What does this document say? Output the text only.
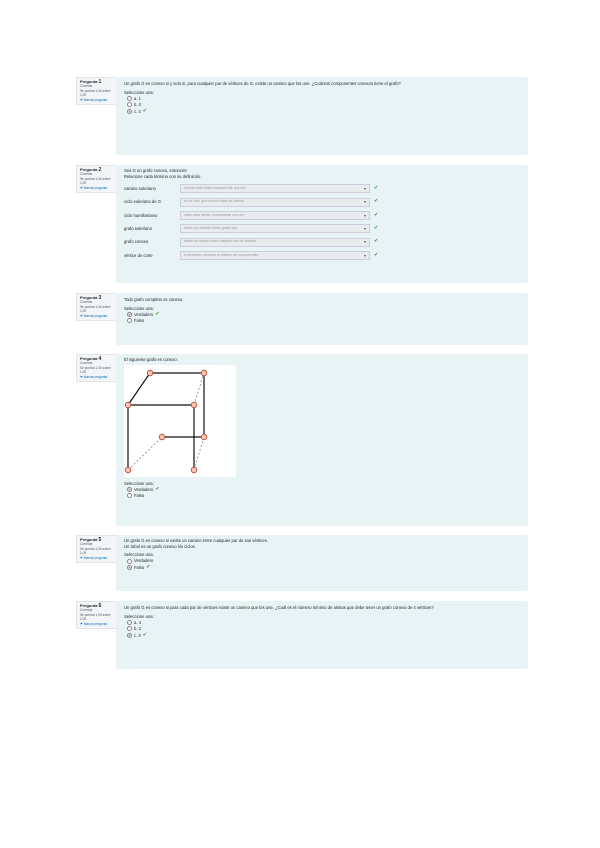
Pregunta 1
Correcta
Se puntúa 1,00 sobre 1,00
⚑ Marcar pregunta
Un grafo G es conexo si y solo si, para cualquier par de vértices de G, existe un camino que los une. ¿Cuántos componentes conexos tiene el grafo?
Seleccione una:
a. 1
b. 2
c. 3 ✔
Pregunta 2
Correcta
Se puntúa 1,00 sobre 1,00
⚑ Marcar pregunta
Sea G un grafo conexo, entonces:
Relacione cada término con su definición.
camino euleriano	recorre cada arista exactamente una vez	▾ ✔
ciclo euleriano de G	es un ciclo que recorre todas las aristas	▾ ✔
ciclo hamiltoniano	visita cada vértice exactamente una vez	▾ ✔
grafo euleriano	todos sus vértices tienen grado par	▾ ✔
grafo conexo	existe un camino entre cualquier par de vértices	▾ ✔
vértice de corte	al eliminarlo aumenta el número de componentes	▾ ✔
Pregunta 3
Correcta
Se puntúa 1,00 sobre 1,00
⚑ Marcar pregunta
Todo grafo completo es conexo.
Seleccione una:
Verdadero ✔
Falso
Pregunta 4
Correcta
Se puntúa 1,00 sobre 1,00
⚑ Marcar pregunta
El siguiente grafo es conexo:
Seleccione una:
Verdadero ✔
Falso
Pregunta 5
Correcta
Se puntúa 1,00 sobre 1,00
⚑ Marcar pregunta
Un grafo G es conexo si existe un camino entre cualquier par de sus vértices.
Un árbol es un grafo conexo sin ciclos.
Seleccione una:
Verdadero
Falso ✔
Pregunta 6
Correcta
Se puntúa 1,00 sobre 1,00
⚑ Marcar pregunta
Un grafo G es conexo si para cada par de vértices existe un camino que los une. ¿Cuál es el número mínimo de aristas que debe tener un grafo conexo de 4 vértices?
Seleccione una:
a. 4
b. 2
c. 3 ✔
